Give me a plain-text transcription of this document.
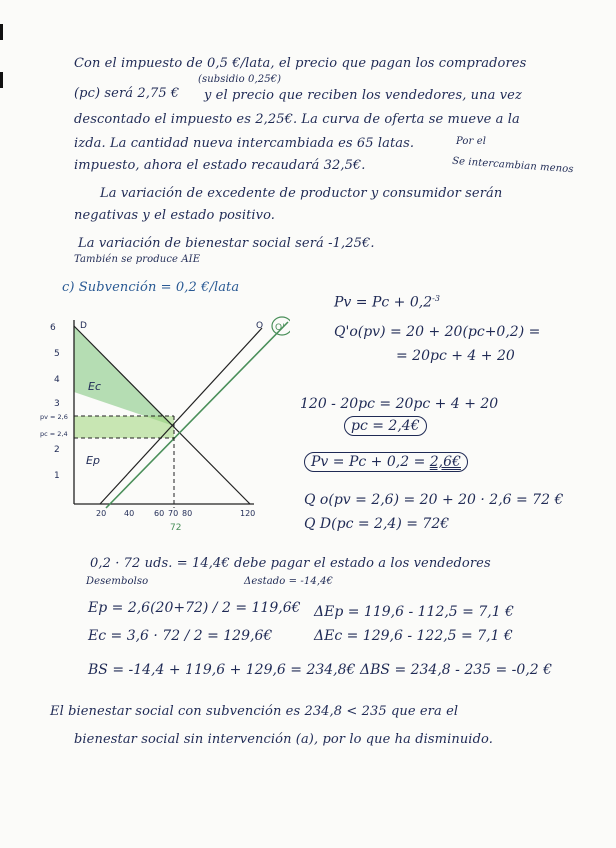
Con el impuesto de 0,5 €/lata, el precio que pagan los compradores
(subsidio 0,25€)
(pc) será 2,75 € y el precio que reciben los vendedores, una vez
descontado el impuesto es 2,25€. La curva de oferta se mueve a la
izda. La cantidad nueva intercambiada es 65 latas.	Por el
impuesto, ahora el estado recaudará 32,5€.	Se intercambian menos
La variación de excedente de productor y consumidor serán
negativas y el estado positivo.
La variación de bienestar social será -1,25€.
También se produce AIE
c) Subvención = 0,2 €/lata
6
5
4
3
2
1
pv = 2,6
pc = 2,4
20 40 60 70 80	120
72
D	O O'
Ec
Ep
$Pv = Pc + 0,2^{-3}$
Q'o(pv) = 20 + 20(pc+0,2) =
= 20pc + 4 + 20
120 - 20pc = 20pc + 4 + 20
pc = 2,4€
Pv = Pc + 0,2 = 2,6€
Q o(pv = 2,6) = 20 + 20 · 2,6 = 72 €
Q D(pc = 2,4) = 72€
0,2 · 72 uds. = 14,4€ debe pagar el estado a los vendedores
Desembolso	Δestado = -14,4€
Ep = 2,6(20+72) / 2 = 119,6€
Ec = 3,6 · 72 / 2 = 129,6€
ΔEp = 119,6 - 112,5 = 7,1 €
ΔEc = 129,6 - 122,5 = 7,1 €
BS = -14,4 + 119,6 + 129,6 = 234,8€ ΔBS = 234,8 - 235 = -0,2 €
El bienestar social con subvención es 234,8 < 235 que era el
bienestar social sin intervención (a), por lo que ha disminuido.
